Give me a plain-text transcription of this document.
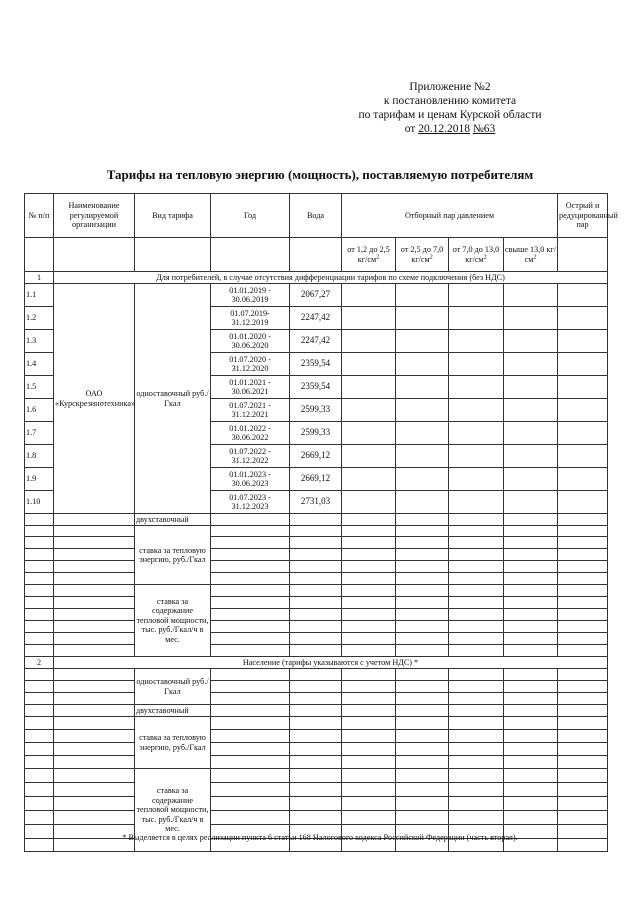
Приложение №2
к постановлению комитета
по тарифам и ценам Курской области
от 20.12.2018 №63
Тарифы на тепловую энергию (мощность), поставляемую потребителям
№ п/п	Наименование регулируемой организации	Вид тарифа	Год	Вода	Отборный пар давлением				Острый и редуцированный пар
					от 1,2 до 2,5 $кг/см^2$	от 2,5 до 7,0 $кг/см^2$	от 7,0 до 13,0 $кг/см^2$	свыше 13,0 $кг/см^2$	
1	Для потребителей, в случае отсутствия дифференциации тарифов по схеме подключения (без НДС)								
1.1	ОАО «Курскрезинотехника»	одноставочный руб./Гкал	01.01.2019 - 30.06.2019	2067,27					
1.2			01.07.2019- 31.12.2019	2247,42					
1.3			01.01.2020 - 30.06.2020	2247,42					
1.4			01.07.2020 - 31.12.2020	2359,54					
1.5			01.01.2021 - 30.06.2021	2359,54					
1.6			01.07.2021 - 31.12.2021	2599,33					
1.7			01.01.2022 - 30.06.2022	2599,33					
1.8			01.07.2022 - 31.12.2022	2669,12					
1.9			01.01.2023 - 30.06.2023	2669,12					
1.10			01.07.2023 - 31.12.2023	2731,03					
		двухставочный							
		ставка за тепловую энергию, руб./Гкал							

		ставка за содержание тепловой мощности, тыс. руб./Гкал/ч в мес.							

2	Население (тарифы указываются с учетом НДС) *								
		одноставочный руб./Гкал							

		двухставочный							
		ставка за тепловую энергию, руб./Гкал							

		ставка за содержание тепловой мощности, тыс. руб./Гкал/ч в мес.							

* Выделяется в целях реализации пункта 6 статьи 168 Налогового кодекса Российской Федерации (часть вторая).
